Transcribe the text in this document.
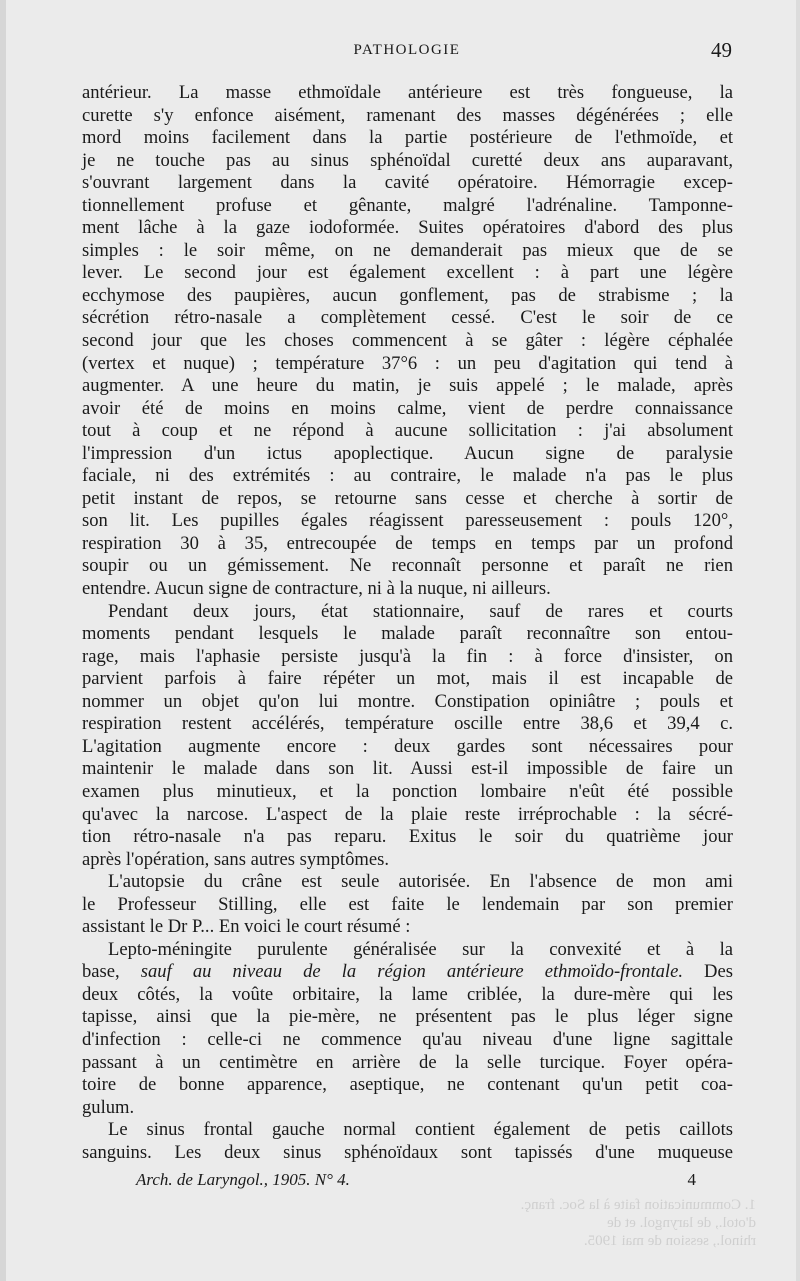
PATHOLOGIE	49
antérieur. La masse ethmoïdale antérieure est très fongueuse, la
curette s'y enfonce aisément, ramenant des masses dégénérées ; elle
mord moins facilement dans la partie postérieure de l'ethmoïde, et
je ne touche pas au sinus sphénoïdal curetté deux ans auparavant,
s'ouvrant largement dans la cavité opératoire. Hémorragie excep-
tionnellement profuse et gênante, malgré l'adrénaline. Tamponne-
ment lâche à la gaze iodoformée. Suites opératoires d'abord des plus
simples : le soir même, on ne demanderait pas mieux que de se
lever. Le second jour est également excellent : à part une légère
ecchymose des paupières, aucun gonflement, pas de strabisme ; la
sécrétion rétro-nasale a complètement cessé. C'est le soir de ce
second jour que les choses commencent à se gâter : légère céphalée
(vertex et nuque) ; température 37°6 : un peu d'agitation qui tend à
augmenter. A une heure du matin, je suis appelé ; le malade, après
avoir été de moins en moins calme, vient de perdre connaissance
tout à coup et ne répond à aucune sollicitation : j'ai absolument
l'impression d'un ictus apoplectique. Aucun signe de paralysie
faciale, ni des extrémités : au contraire, le malade n'a pas le plus
petit instant de repos, se retourne sans cesse et cherche à sortir de
son lit. Les pupilles égales réagissent paresseusement : pouls 120°,
respiration 30 à 35, entrecoupée de temps en temps par un profond
soupir ou un gémissement. Ne reconnaît personne et paraît ne rien
entendre. Aucun signe de contracture, ni à la nuque, ni ailleurs.
Pendant deux jours, état stationnaire, sauf de rares et courts
moments pendant lesquels le malade paraît reconnaître son entou-
rage, mais l'aphasie persiste jusqu'à la fin : à force d'insister, on
parvient parfois à faire répéter un mot, mais il est incapable de
nommer un objet qu'on lui montre. Constipation opiniâtre ; pouls et
respiration restent accélérés, température oscille entre 38,6 et 39,4 c.
L'agitation augmente encore : deux gardes sont nécessaires pour
maintenir le malade dans son lit. Aussi est-il impossible de faire un
examen plus minutieux, et la ponction lombaire n'eût été possible
qu'avec la narcose. L'aspect de la plaie reste irréprochable : la sécré-
tion rétro-nasale n'a pas reparu. Exitus le soir du quatrième jour
après l'opération, sans autres symptômes.
L'autopsie du crâne est seule autorisée. En l'absence de mon ami
le Professeur Stilling, elle est faite le lendemain par son premier
assistant le Dr P... En voici le court résumé :
Lepto-méningite purulente généralisée sur la convexité et à la
base, sauf au niveau de la région antérieure ethmoïdo-frontale. Des
deux côtés, la voûte orbitaire, la lame criblée, la dure-mère qui les
tapisse, ainsi que la pie-mère, ne présentent pas le plus léger signe
d'infection : celle-ci ne commence qu'au niveau d'une ligne sagittale
passant à un centimètre en arrière de la selle turcique. Foyer opéra-
toire de bonne apparence, aseptique, ne contenant qu'un petit coa-
gulum.
Le sinus frontal gauche normal contient également de petis caillots
sanguins. Les deux sinus sphénoïdaux sont tapissés d'une muqueuse
Arch. de Laryngol., 1905. N° 4.	4
1. Communication faite à la Soc. franç. d'otol., de laryngol. et de
rhinol., session de mai 1905.
